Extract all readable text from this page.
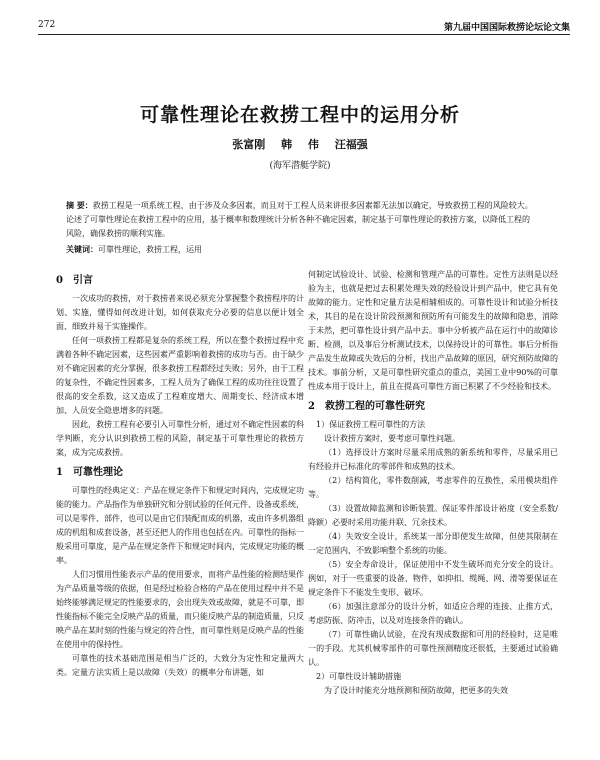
272	第九届中国国际救捞论坛论文集
可靠性理论在救捞工程中的运用分析
张富刚 韩 伟 汪福强
(海军潜艇学院)
摘 要：救捞工程是一项系统工程，由于涉及众多因素，而且对于工程人员来讲很多因素都无法加以确定，导致救捞工程的风险较大。论述了可靠性理论在救捞工程中的应用，基于概率和数理统计分析各种不确定因素，制定基于可靠性理论的救捞方案，以降低工程的风险，确保救捞的顺利实施。
关键词：可靠性理论，救捞工程，运用
0 引言

一次成功的救捞，对于救捞者来说必须充分掌握整个救捞程序的计划、实施，懂得如何改进计划，如何获取充分必要的信息以便计划全面、细致并易于实施操作。

任何一项救捞工程都是复杂的系统工程，所以在整个救捞过程中充满着各种不确定因素，这些因素严重影响着救捞的成功与否。由于缺少对不确定因素的充分掌握，很多救捞工程都经过失败；另外，由于工程的复杂性，不确定性因素多，工程人员为了确保工程的成功往往设置了很高的安全系数，这又造成了工程难度增大、周期变长、经济成本增加、人员安全隐患增多的问题。

因此，救捞工程有必要引入可靠性分析，通过对不确定性因素的科学判断，充分认识到救捞工程的风险，制定基于可靠性理论的救捞方案，成为完成救捞。

1 可靠性理论

可靠性的经典定义：产品在规定条件下和规定时间内，完成规定功能的能力。产品指作为单独研究和分别试验的任何元件、设备或系统，可以是零件、部件，也可以是由它们装配而成的机器，或由许多机器组成的机组和成套设备，甚至还把人的作用也包括在内。可靠性的指标一般采用可靠度，是产品在规定条件下和规定时间内，完成规定功能的概率。

人们习惯用性能表示产品的使用要求，而将产品性能的检测结果作为产品质量等级的依据，但是经过检验合格的产品在使用过程中并不是始终能够满足规定的性能要求的，会出现失效或故障，就是不可靠，即性能指标不能完全反映产品的质量，而只能反映产品的制造质量，只反映产品在某时刻的性能与规定的符合性，而可靠性则是反映产品的性能在使用中的保持性。

可靠性的技术基础范围是相当广泛的，大致分为定性和定量两大类。定量方法实质上是以故障（失效）的概率分布讲题，如

何制定试验设计、试验、检测和管理产品的可靠性。定性方法则是以经验为主，也就是把过去积累处理失效的经验设计到产品中，使它具有免故障的能力。定性和定量方法是相辅相成的。可靠性设计和试验分析技术，其目的是在设计阶段预测和预防所有可能发生的故障和隐患，消除于未然，把可靠性设计到产品中去。事中分析被产品在运行中的故障诊断、检测，以及事后分析测试技术，以保持设计的可靠性。事后分析指产品发生故障或失效后的分析，找出产品故障的原因，研究预防故障的技术。事前分析，又是可靠性研究重点的重点，美国工业中90%的可靠性成本用于设计上，前且在提高可靠性方面已积累了不少经验和技术。

2 救捞工程的可靠性研究

1）保证救捞工程可靠性的方法

设计救捞方案时，要考虑可靠性问题。

（1）选择设计方案时尽量采用成熟的新系统和零件，尽量采用已有经验并已标准化的零部件和成熟的技术。

（2）结构简化，零件数削减，考虑零件的互换性，采用模块组件等。

（3）设置故障监测和诊断装置。保证零件部设计裕度（安全系数/降额）必要时采用功能并联、冗余技术。

（4）失效安全设计，系统某一部分即使发生故障，但使其限制在一定范围内，不致影响整个系统的功能。

（5）安全寿命设计，保证使用中不发生破坏而充分安全的设计。例如，对于一些重要的设备、物件，如抑扣、缆绳、网、滑等要保证在规定条件下不能发生变形、破坏。

（6）加强注意部分的设计分析，如适应合理的连接、止推方式，考虑防振、防冲击，以及对连接条件的确认。

（7）可靠性确认试验，在没有现成数据和可用的经验时，这是唯一的手段。尤其机械零部件的可靠性预测精度还很低，主要通过试验确认。

2）可靠性设计辅助措施

为了设计时能充分地预测和预防故障，把更多的失效
